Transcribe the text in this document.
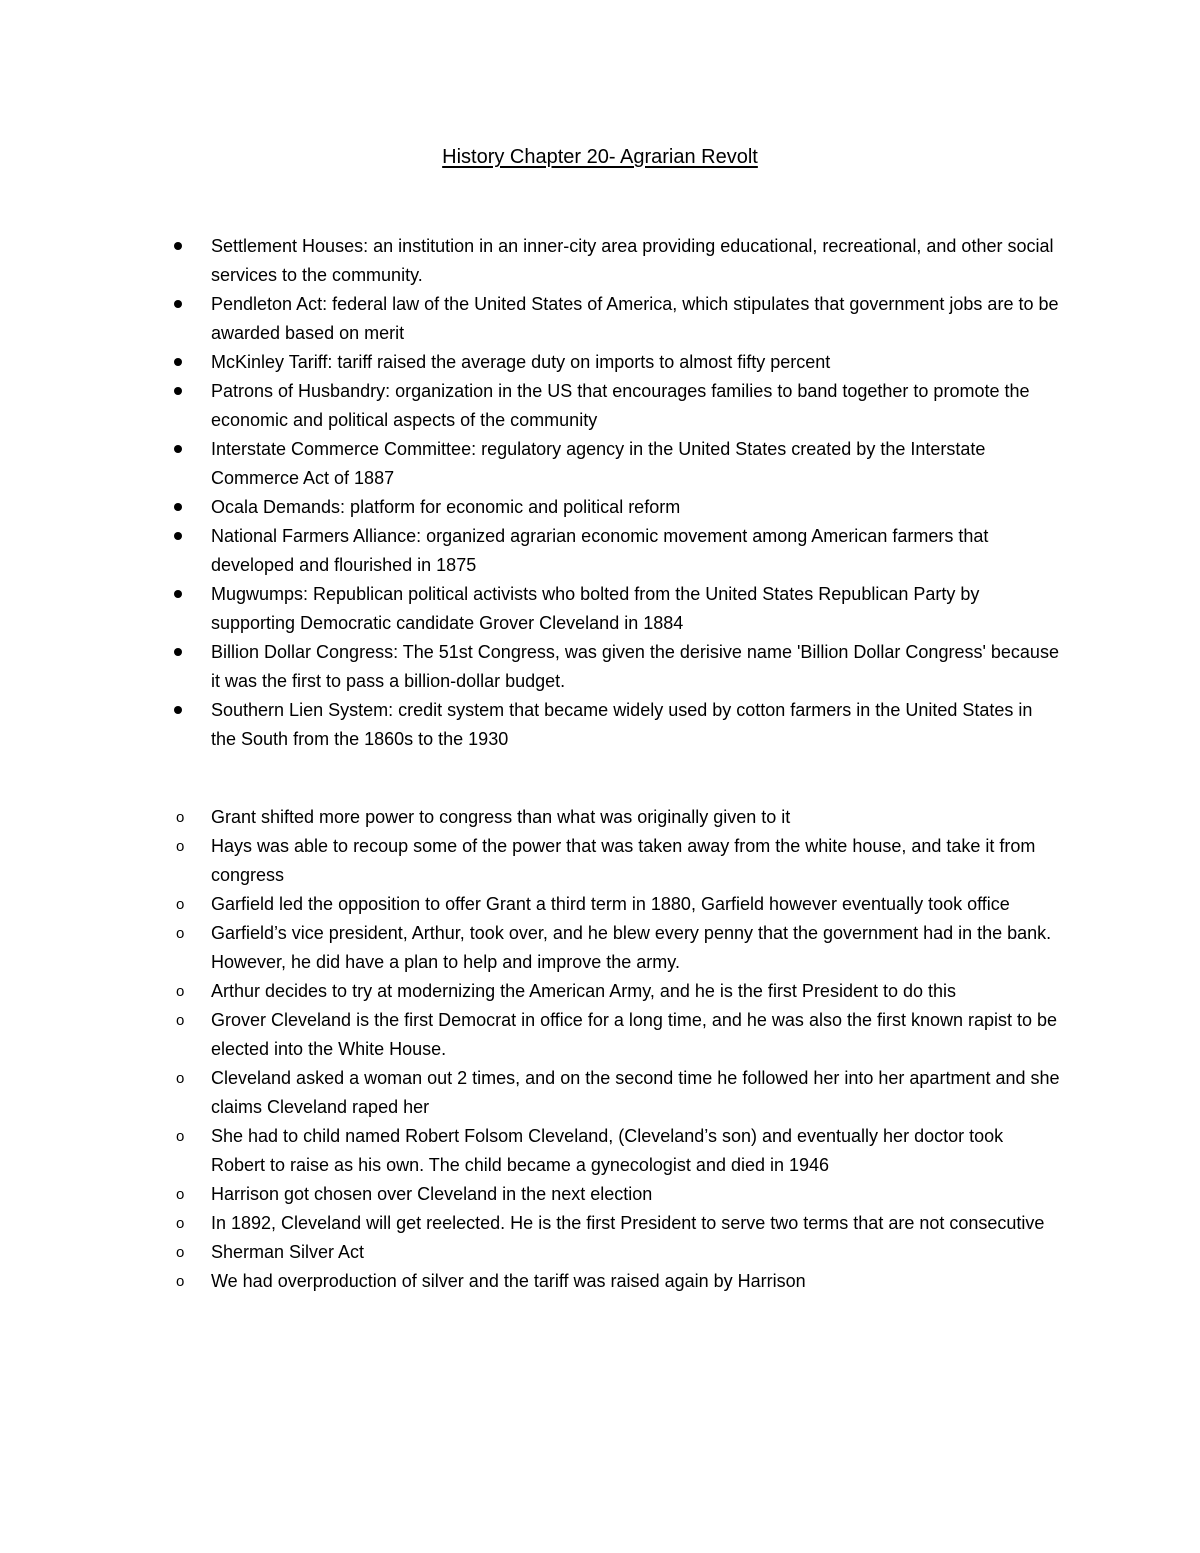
History Chapter 20- Agrarian Revolt
Settlement Houses: an institution in an inner-city area providing educational, recreational, and other social services to the community.
Pendleton Act: federal law of the United States of America, which stipulates that government jobs are to be awarded based on merit
McKinley Tariff: tariff raised the average duty on imports to almost fifty percent
Patrons of Husbandry: organization in the US that encourages families to band together to promote the economic and political aspects of the community
Interstate Commerce Committee: regulatory agency in the United States created by the Interstate Commerce Act of 1887
Ocala Demands: platform for economic and political reform
National Farmers Alliance: organized agrarian economic movement among American farmers that developed and flourished in 1875
Mugwumps: Republican political activists who bolted from the United States Republican Party by supporting Democratic candidate Grover Cleveland in 1884
Billion Dollar Congress: The 51st Congress, was given the derisive name 'Billion Dollar Congress' because it was the first to pass a billion-dollar budget.
Southern Lien System: credit system that became widely used by cotton farmers in the United States in the South from the 1860s to the 1930
o Grant shifted more power to congress than what was originally given to it
o Hays was able to recoup some of the power that was taken away from the white house, and take it from congress
o Garfield led the opposition to offer Grant a third term in 1880, Garfield however eventually took office
o Garfield’s vice president, Arthur, took over, and he blew every penny that the government had in the bank. However, he did have a plan to help and improve the army.
o Arthur decides to try at modernizing the American Army, and he is the first President to do this
o Grover Cleveland is the first Democrat in office for a long time, and he was also the first known rapist to be elected into the White House.
o Cleveland asked a woman out 2 times, and on the second time he followed her into her apartment and she claims Cleveland raped her
o She had to child named Robert Folsom Cleveland, (Cleveland’s son) and eventually her doctor took Robert to raise as his own. The child became a gynecologist and died in 1946
o Harrison got chosen over Cleveland in the next election
o In 1892, Cleveland will get reelected. He is the first President to serve two terms that are not consecutive
o Sherman Silver Act
o We had overproduction of silver and the tariff was raised again by Harrison
